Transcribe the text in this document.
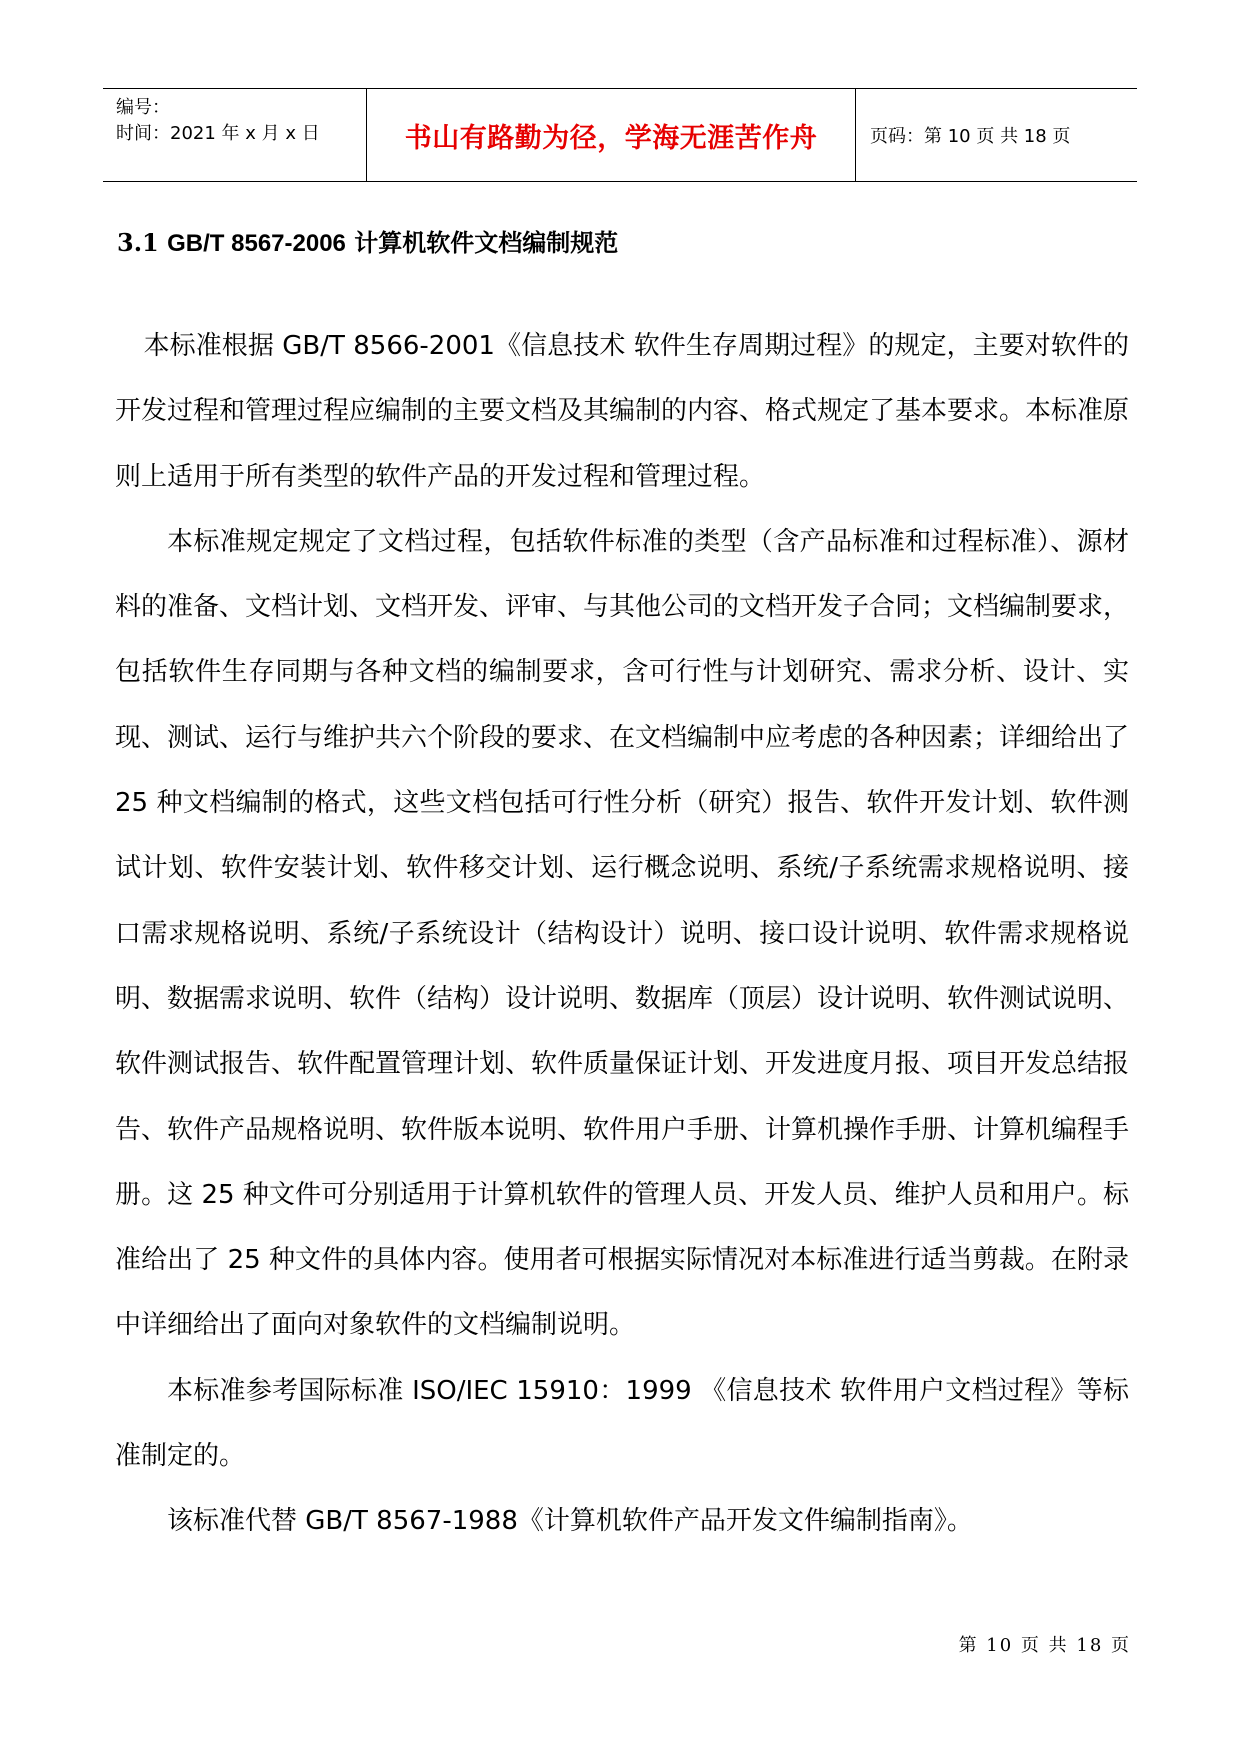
编号：
时间：2021 年 x 月 x 日	书山有路勤为径，学海无涯苦作舟	页码：第 10 页 共 18 页
3.1 GB/T 8567-2006 计算机软件文档编制规范

本标准根据 GB/T 8566-2001《信息技术 软件生存周期过程》的规定，主要对软件的开发过程和管理过程应编制的主要文档及其编制的内容、格式规定了基本要求。本标准原则上适用于所有类型的软件产品的开发过程和管理过程。

本标准规定规定了文档过程，包括软件标准的类型（含产品标准和过程标准）、源材料的准备、文档计划、文档开发、评审、与其他公司的文档开发子合同；文档编制要求，包括软件生存同期与各种文档的编制要求，含可行性与计划研究、需求分析、设计、实现、测试、运行与维护共六个阶段的要求、在文档编制中应考虑的各种因素；详细给出了 25 种文档编制的格式，这些文档包括可行性分析（研究）报告、软件开发计划、软件测试计划、软件安装计划、软件移交计划、运行概念说明、系统/子系统需求规格说明、接口需求规格说明、系统/子系统设计（结构设计）说明、接口设计说明、软件需求规格说明、数据需求说明、软件（结构）设计说明、数据库（顶层）设计说明、软件测试说明、软件测试报告、软件配置管理计划、软件质量保证计划、开发进度月报、项目开发总结报告、软件产品规格说明、软件版本说明、软件用户手册、计算机操作手册、计算机编程手册。这 25 种文件可分别适用于计算机软件的管理人员、开发人员、维护人员和用户。标准给出了 25 种文件的具体内容。使用者可根据实际情况对本标准进行适当剪裁。在附录中详细给出了面向对象软件的文档编制说明。

本标准参考国际标准 ISO/IEC 15910：1999 《信息技术 软件用户文档过程》等标准制定的。

该标准代替 GB/T 8567-1988《计算机软件产品开发文件编制指南》。

第 10 页 共 18 页
